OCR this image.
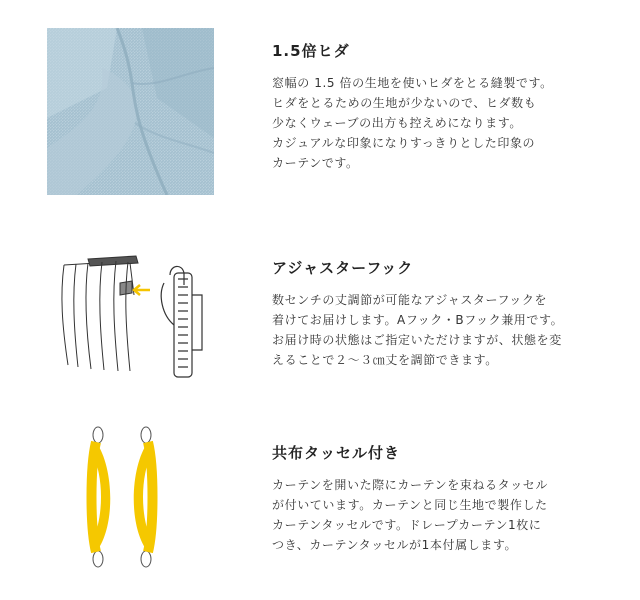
1.5倍ヒダ
窓幅の 1.5 倍の生地を使いヒダをとる縫製です。
ヒダをとるための生地が少ないので、ヒダ数も
少なくウェーブの出方も控えめになります。
カジュアルな印象になりすっきりとした印象の
カーテンです。
アジャスターフック
数センチの丈調節が可能なアジャスターフックを
着けてお届けします。Aフック・Bフック兼用です。
お届け時の状態はご指定いただけますが、状態を変
えることで２～３㎝丈を調節できます。
共布タッセル付き
カーテンを開いた際にカーテンを束ねるタッセル
が付いています。カーテンと同じ生地で製作した
カーテンタッセルです。ドレープカーテン1枚に
つき、カーテンタッセルが1本付属します。
